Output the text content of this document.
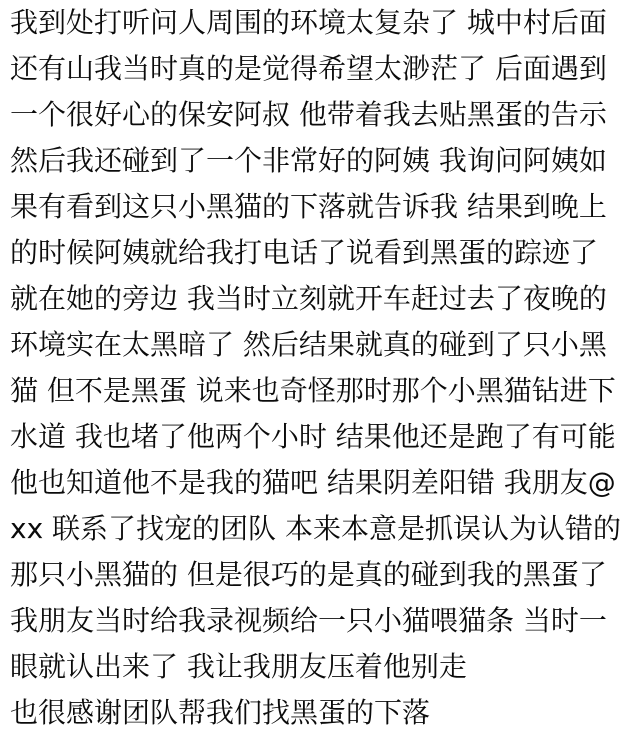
我到处打听问人周围的环境太复杂了 城中村后面
还有山我当时真的是觉得希望太渺茫了 后面遇到
一个很好心的保安阿叔 他带着我去贴黑蛋的告示
然后我还碰到了一个非常好的阿姨 我询问阿姨如
果有看到这只小黑猫的下落就告诉我 结果到晚上
的时候阿姨就给我打电话了说看到黑蛋的踪迹了
就在她的旁边 我当时立刻就开车赶过去了夜晚的
环境实在太黑暗了 然后结果就真的碰到了只小黑
猫 但不是黑蛋 说来也奇怪那时那个小黑猫钻进下
水道 我也堵了他两个小时 结果他还是跑了有可能
他也知道他不是我的猫吧 结果阴差阳错 我朋友@
xx 联系了找宠的团队 本来本意是抓误认为认错的
那只小黑猫的 但是很巧的是真的碰到我的黑蛋了
我朋友当时给我录视频给一只小猫喂猫条 当时一
眼就认出来了 我让我朋友压着他别走
也很感谢团队帮我们找黑蛋的下落
